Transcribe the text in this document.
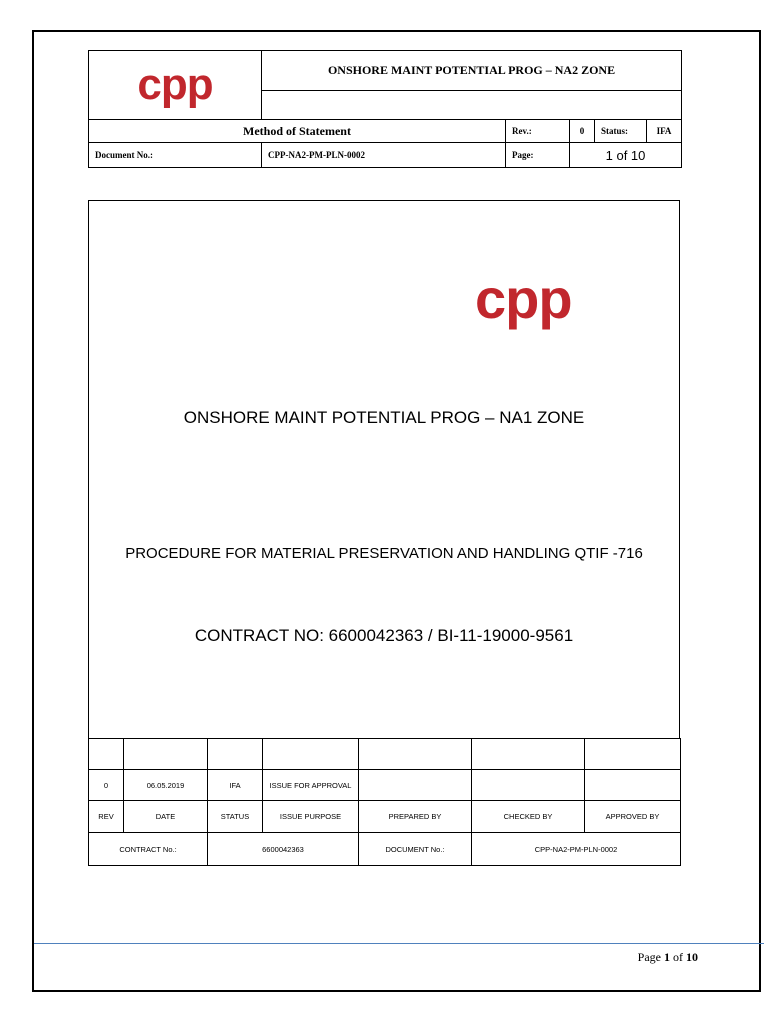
cpp	ONSHORE MAINT POTENTIAL PROG – NA2 ZONE				

Method of Statement		Rev.:	0	Status:	IFA
Document No.:	CPP-NA2-PM-PLN-0002	Page:	1 of 10		
cpp
ONSHORE MAINT POTENTIAL PROG – NA1 ZONE
PROCEDURE FOR MATERIAL PRESERVATION AND HANDLING QTIF -716
CONTRACT NO: 6600042363 / BI-11-19000-9561

0	06.05.2019	IFA	ISSUE FOR APPROVAL			
REV	DATE	STATUS	ISSUE PURPOSE	PREPARED BY	CHECKED BY	APPROVED BY
CONTRACT No.:		6600042363		DOCUMENT No.:	CPP-NA2-PM-PLN-0002	
Page 1 of 10
